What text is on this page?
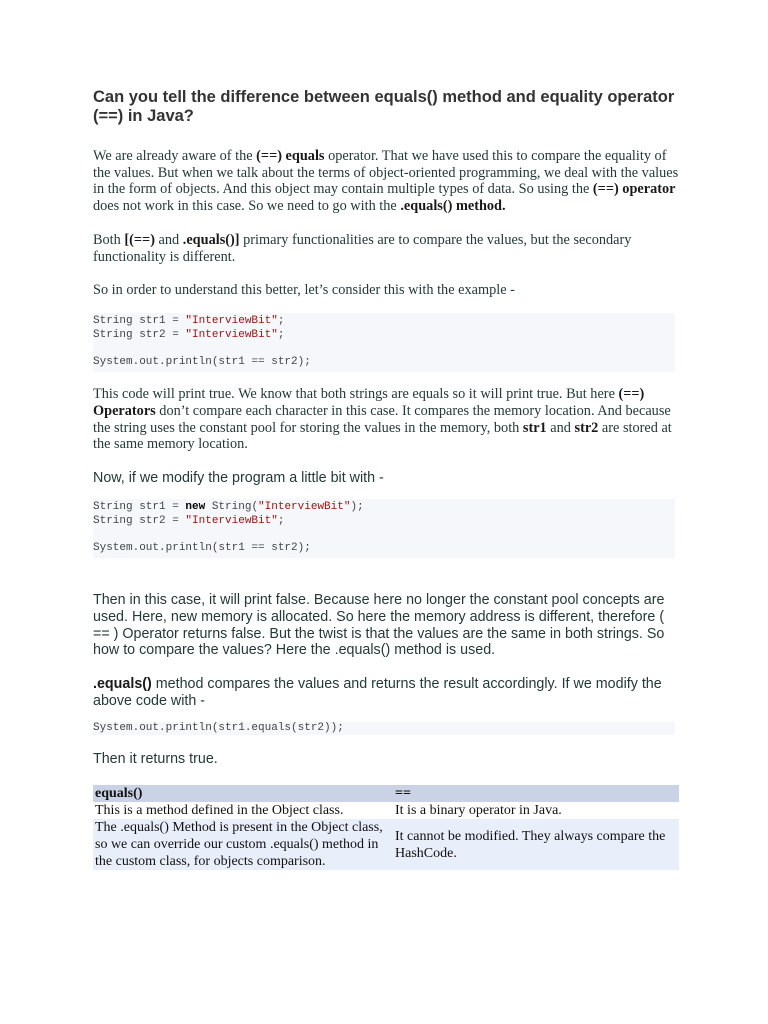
Can you tell the difference between equals() method and equality operator (==) in Java?

We are already aware of the (==) equals operator. That we have used this to compare the equality of the values. But when we talk about the terms of object-oriented programming, we deal with the values in the form of objects. And this object may contain multiple types of data. So using the (==) operator does not work in this case. So we need to go with the .equals() method.

Both [(==) and .equals()] primary functionalities are to compare the values, but the secondary functionality is different.

So in order to understand this better, let’s consider this with the example -

String str1 = "InterviewBit";
String str2 = "InterviewBit";
System.out.println(str1 == str2);

This code will print true. We know that both strings are equals so it will print true. But here (==) Operators don’t compare each character in this case. It compares the memory location. And because the string uses the constant pool for storing the values in the memory, both str1 and str2 are stored at the same memory location.

Now, if we modify the program a little bit with -

String str1 = new String("InterviewBit");
String str2 = "InterviewBit";
System.out.println(str1 == str2);

Then in this case, it will print false. Because here no longer the constant pool concepts are used. Here, new memory is allocated. So here the memory address is different, therefore ( == ) Operator returns false. But the twist is that the values are the same in both strings. So how to compare the values? Here the .equals() method is used.

.equals() method compares the values and returns the result accordingly. If we modify the above code with -

System.out.println(str1.equals(str2));

Then it returns true.

equals()	==
This is a method defined in the Object class.	It is a binary operator in Java.
The .equals() Method is present in the Object class, so we can override our custom .equals() method in the custom class, for objects comparison.	It cannot be modified. They always compare the HashCode.
